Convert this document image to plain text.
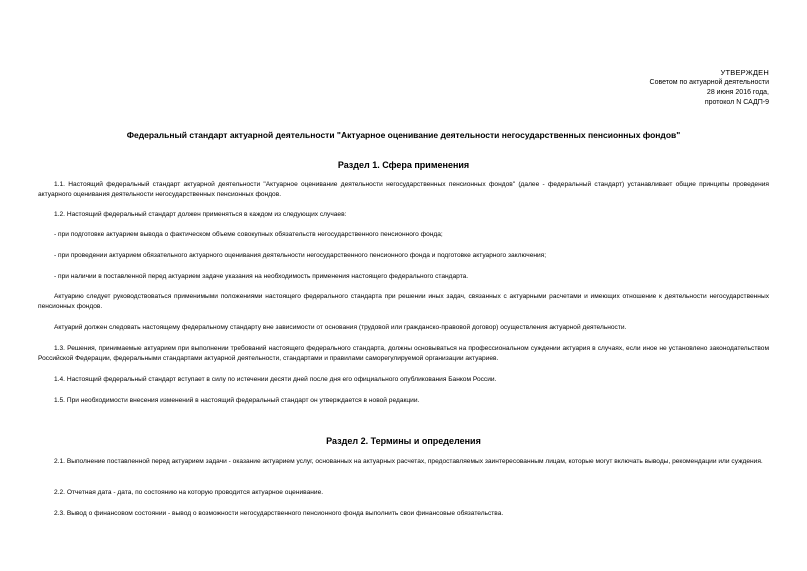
УТВЕРЖДЕН
Советом по актуарной деятельности
28 июня 2016 года,
протокол N САДП-9
Федеральный стандарт актуарной деятельности "Актуарное оценивание деятельности негосударственных пенсионных фондов"
Раздел 1. Сфера применения

1.1. Настоящий федеральный стандарт актуарной деятельности "Актуарное оценивание деятельности негосударственных пенсионных фондов" (далее - федеральный стандарт) устанавливает общие принципы проведения актуарного оценивания деятельности негосударственных пенсионных фондов.

1.2. Настоящий федеральный стандарт должен применяться в каждом из следующих случаев:

- при подготовке актуарием вывода о фактическом объеме совокупных обязательств негосударственного пенсионного фонда;

- при проведении актуарием обязательного актуарного оценивания деятельности негосударственного пенсионного фонда и подготовке актуарного заключения;

- при наличии в поставленной перед актуарием задаче указания на необходимость применения настоящего федерального стандарта.

Актуарию следует руководствоваться применимыми положениями настоящего федерального стандарта при решении иных задач, связанных с актуарными расчетами и имеющих отношение к деятельности негосударственных пенсионных фондов.

Актуарий должен следовать настоящему федеральному стандарту вне зависимости от основания (трудовой или гражданско-правовой договор) осуществления актуарной деятельности.

1.3. Решения, принимаемые актуарием при выполнении требований настоящего федерального стандарта, должны основываться на профессиональном суждении актуария в случаях, если иное не установлено законодательством Российской Федерации, федеральными стандартами актуарной деятельности, стандартами и правилами саморегулируемой организации актуариев.

1.4. Настоящий федеральный стандарт вступает в силу по истечении десяти дней после дня его официального опубликования Банком России.

1.5. При необходимости внесения изменений в настоящий федеральный стандарт он утверждается в новой редакции.

Раздел 2. Термины и определения

2.1. Выполнение поставленной перед актуарием задачи - оказание актуарием услуг, основанных на актуарных расчетах, предоставляемых заинтересованным лицам, которые могут включать выводы, рекомендации или суждения.

2.2. Отчетная дата - дата, по состоянию на которую проводится актуарное оценивание.

2.3. Вывод о финансовом состоянии - вывод о возможности негосударственного пенсионного фонда выполнить свои финансовые обязательства.
